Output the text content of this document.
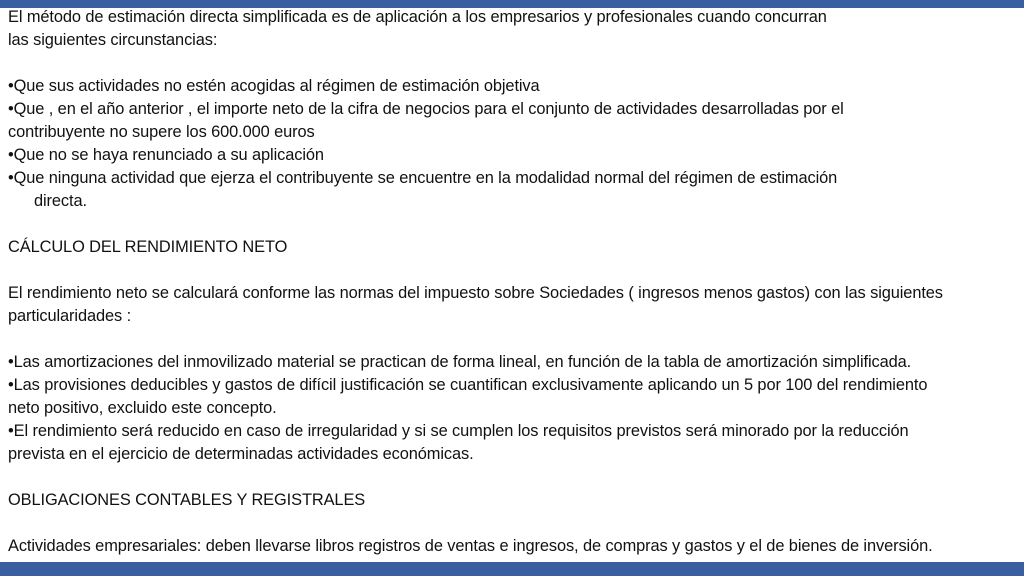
El método de estimación directa simplificada es de aplicación a los empresarios y profesionales cuando concurran
las siguientes circunstancias:
•Que sus actividades no estén acogidas al régimen de estimación objetiva
•Que , en el año anterior , el importe neto de la cifra de negocios para el conjunto de actividades desarrolladas por el
contribuyente no supere los 600.000 euros
•Que no se haya renunciado a su aplicación
•Que ninguna actividad que ejerza el contribuyente se encuentre en la modalidad normal del régimen de estimación
directa.
CÁLCULO DEL RENDIMIENTO NETO
El rendimiento neto se calculará conforme las normas del impuesto sobre Sociedades ( ingresos menos gastos) con las siguientes
particularidades :
•Las amortizaciones del inmovilizado material se practican de forma lineal, en función de la tabla de amortización simplificada.
•Las provisiones deducibles y gastos de difícil justificación se cuantifican exclusivamente aplicando un 5 por 100 del rendimiento
neto positivo, excluido este concepto.
•El rendimiento será reducido en caso de irregularidad y si se cumplen los requisitos previstos será minorado por la reducción
prevista en el ejercicio de determinadas actividades económicas.
OBLIGACIONES CONTABLES Y REGISTRALES
Actividades empresariales: deben llevarse libros registros de ventas e ingresos, de compras y gastos y el de bienes de inversión.
